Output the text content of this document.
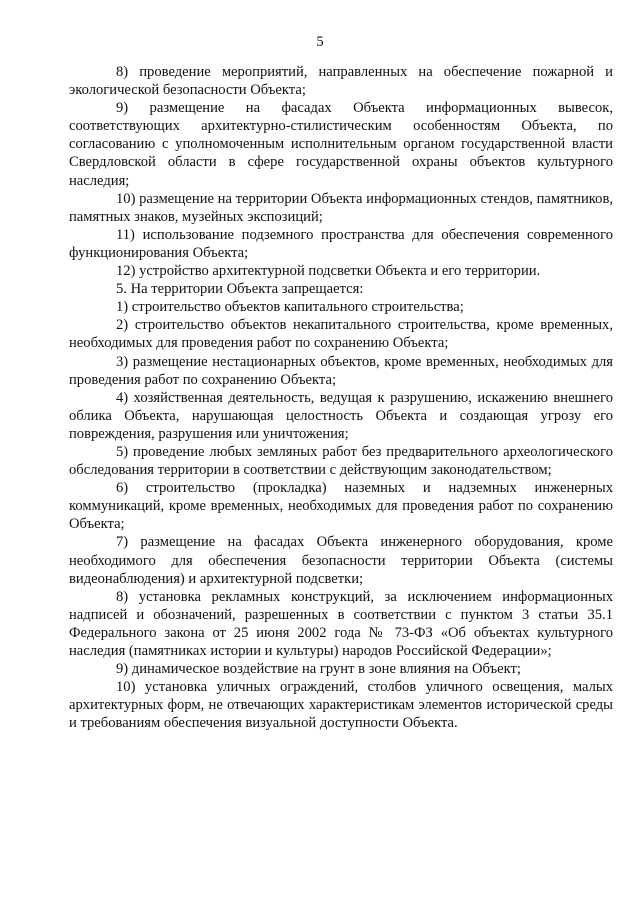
5

8) проведение мероприятий, направленных на обеспечение пожарной и экологической безопасности Объекта;

9) размещение на фасадах Объекта информационных вывесок, соответствующих архитектурно-стилистическим особенностям Объекта, по согласованию с уполномоченным исполнительным органом государственной власти Свердловской области в сфере государственной охраны объектов культурного наследия;

10) размещение на территории Объекта информационных стендов, памятников, памятных знаков, музейных экспозиций;

11) использование подземного пространства для обеспечения современного функционирования Объекта;

12) устройство архитектурной подсветки Объекта и его территории.

5. На территории Объекта запрещается:

1) строительство объектов капитального строительства;

2) строительство объектов некапитального строительства, кроме временных, необходимых для проведения работ по сохранению Объекта;

3) размещение нестационарных объектов, кроме временных, необходимых для проведения работ по сохранению Объекта;

4) хозяйственная деятельность, ведущая к разрушению, искажению внешнего облика Объекта, нарушающая целостность Объекта и создающая угрозу его повреждения, разрушения или уничтожения;

5) проведение любых земляных работ без предварительного археологического обследования территории в соответствии с действующим законодательством;

6) строительство (прокладка) наземных и надземных инженерных коммуникаций, кроме временных, необходимых для проведения работ по сохранению Объекта;

7) размещение на фасадах Объекта инженерного оборудования, кроме необходимого для обеспечения безопасности территории Объекта (системы видеонаблюдения) и архитектурной подсветки;

8) установка рекламных конструкций, за исключением информационных надписей и обозначений, разрешенных в соответствии с пунктом 3 статьи 35.1 Федерального закона от 25 июня 2002 года № 73-ФЗ «Об объектах культурного наследия (памятниках истории и культуры) народов Российской Федерации»;

9) динамическое воздействие на грунт в зоне влияния на Объект;

10) установка уличных ограждений, столбов уличного освещения, малых архитектурных форм, не отвечающих характеристикам элементов исторической среды и требованиям обеспечения визуальной доступности Объекта.
